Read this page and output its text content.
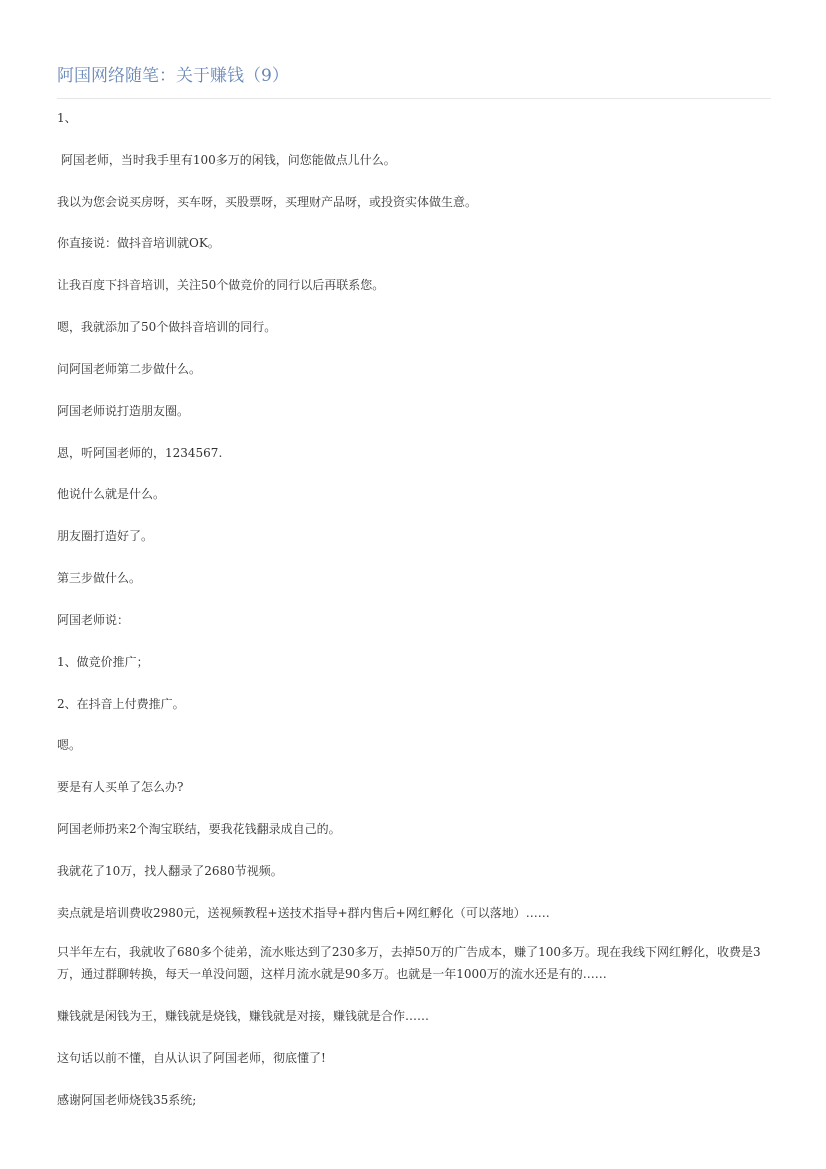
阿国网络随笔：关于赚钱（9）

1、

阿国老师，当时我手里有100多万的闲钱，问您能做点儿什么。

我以为您会说买房呀，买车呀，买股票呀，买理财产品呀，或投资实体做生意。

你直接说：做抖音培训就OK。

让我百度下抖音培训，关注50个做竞价的同行以后再联系您。

嗯，我就添加了50个做抖音培训的同行。

问阿国老师第二步做什么。

阿国老师说打造朋友圈。

恩，听阿国老师的，1234567.

他说什么就是什么。

朋友圈打造好了。

第三步做什么。

阿国老师说：

1、做竞价推广；

2、在抖音上付费推广。

嗯。

要是有人买单了怎么办?

阿国老师扔来2个淘宝联结，要我花钱翻录成自己的。

我就花了10万，找人翻录了2680节视频。

卖点就是培训费收2980元，送视频教程+送技术指导+群内售后+网红孵化（可以落地）……

只半年左右，我就收了680多个徒弟，流水账达到了230多万，去掉50万的广告成本，赚了100多万。现在我线下网红孵化，收费是3万，通过群聊转换，每天一单没问题，这样月流水就是90多万。也就是一年1000万的流水还是有的……

赚钱就是闲钱为王，赚钱就是烧钱，赚钱就是对接，赚钱就是合作……

这句话以前不懂，自从认识了阿国老师，彻底懂了!

感谢阿国老师烧钱35系统;
